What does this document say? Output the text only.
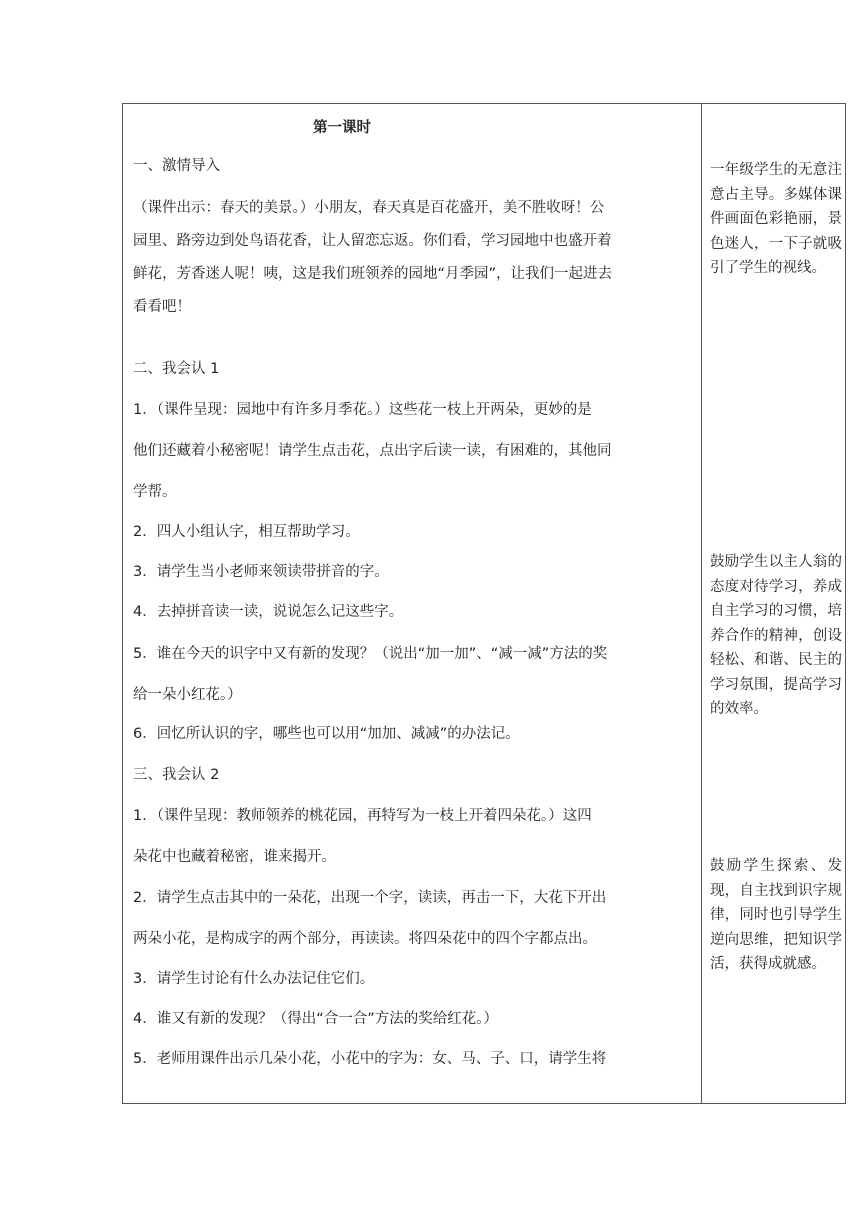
第一课时
一、激情导入
（课件出示：春天的美景。）小朋友，春天真是百花盛开，美不胜收呀！公
园里、路旁边到处鸟语花香，让人留恋忘返。你们看，学习园地中也盛开着
鲜花，芳香迷人呢！咦，这是我们班领养的园地“月季园”，让我们一起进去
看看吧！
二、我会认 1
1．（课件呈现：园地中有许多月季花。）这些花一枝上开两朵，更妙的是
他们还藏着小秘密呢！请学生点击花，点出字后读一读，有困难的，其他同
学帮。
2．四人小组认字，相互帮助学习。
3．请学生当小老师来领读带拼音的字。
4．去掉拼音读一读，说说怎么记这些字。
5．谁在今天的识字中又有新的发现？（说出“加一加”、“减一减”方法的奖
给一朵小红花。）
6．回忆所认识的字，哪些也可以用“加加、减减”的办法记。
三、我会认 2
1．（课件呈现：教师领养的桃花园，再特写为一枝上开着四朵花。）这四
朵花中也藏着秘密，谁来揭开。
2．请学生点击其中的一朵花，出现一个字，读读，再击一下，大花下开出
两朵小花，是构成字的两个部分，再读读。将四朵花中的四个字都点出。
3．请学生讨论有什么办法记住它们。
4．谁又有新的发现？（得出“合一合”方法的奖给红花。）
5．老师用课件出示几朵小花，小花中的字为：女、马、子、口，请学生将
一年级学生的无意注意占主导。多媒体课件画面色彩艳丽，景色迷人，一下子就吸引了学生的视线。
鼓励学生以主人翁的态度对待学习，养成自主学习的习惯，培养合作的精神，创设轻松、和谐、民主的学习氛围，提高学习的效率。
鼓励学生探索、发现，自主找到识字规律，同时也引导学生逆向思维，把知识学活，获得成就感。
